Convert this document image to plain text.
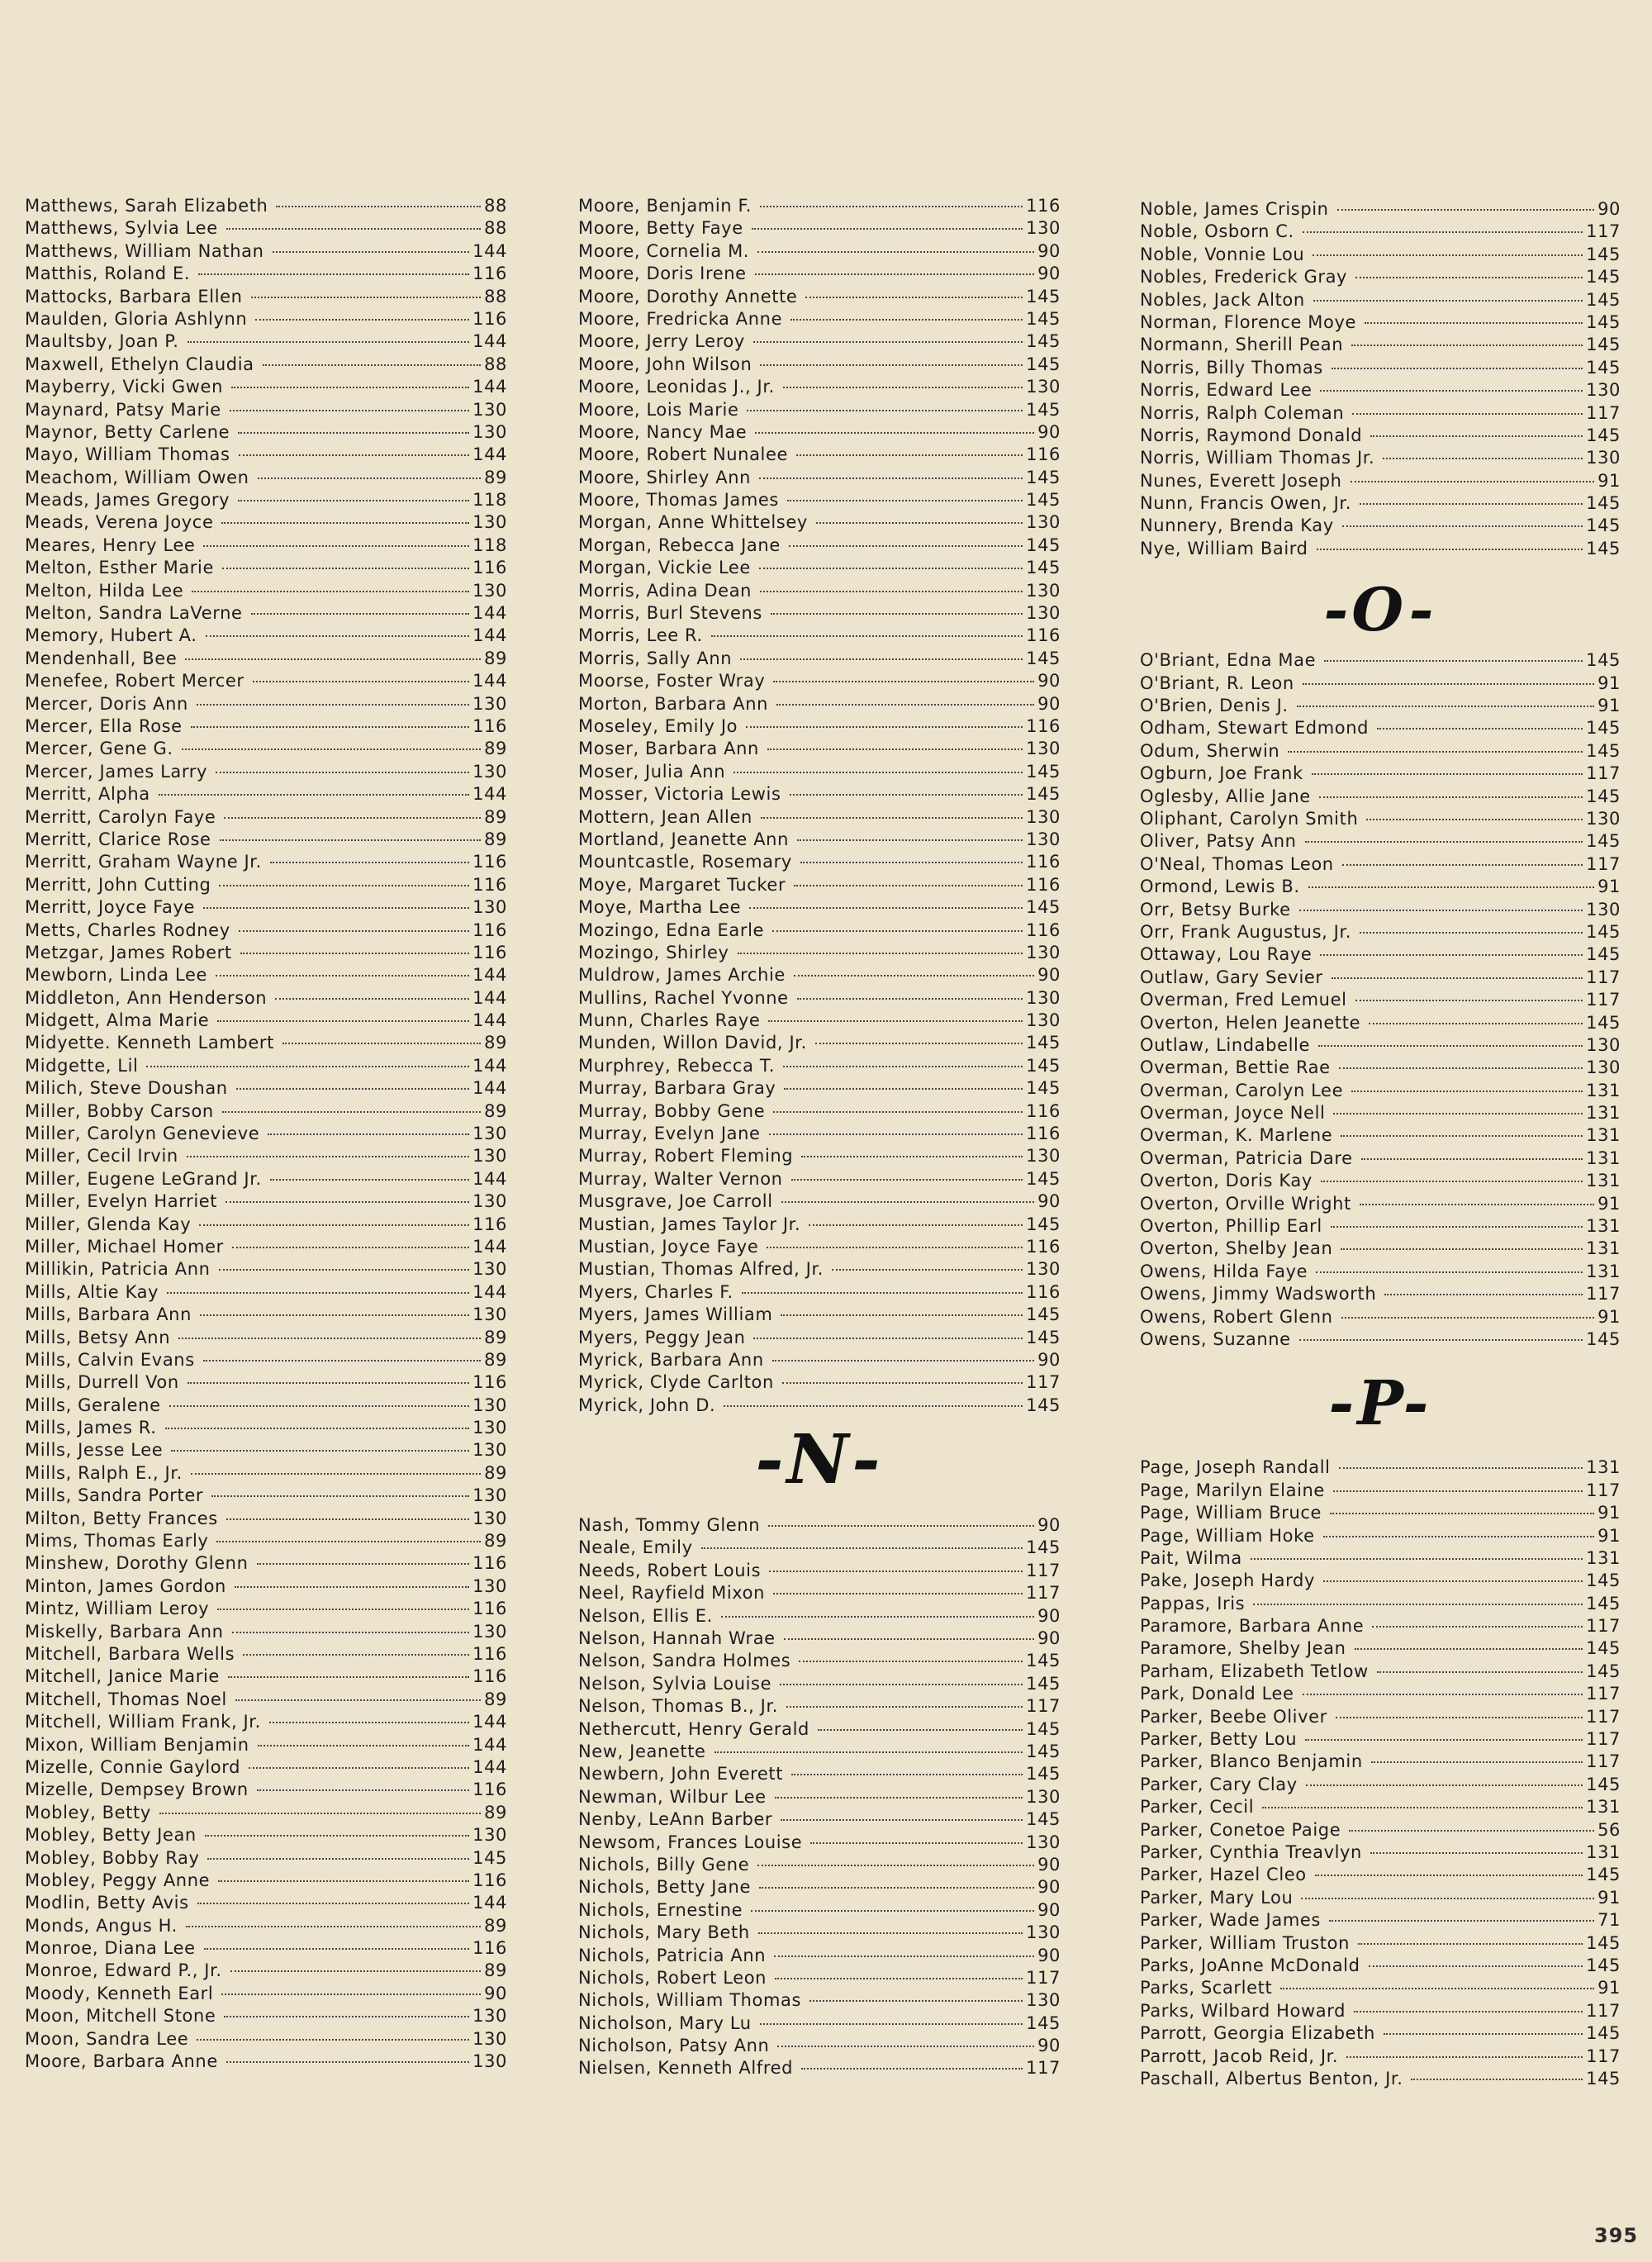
Matthews, Sarah Elizabeth	88
Matthews, Sylvia Lee	88
Matthews, William Nathan	144
Matthis, Roland E.	116
Mattocks, Barbara Ellen	88
Maulden, Gloria Ashlynn	116
Maultsby, Joan P.	144
Maxwell, Ethelyn Claudia	88
Mayberry, Vicki Gwen	144
Maynard, Patsy Marie	130
Maynor, Betty Carlene	130
Mayo, William Thomas	144
Meachom, William Owen	89
Meads, James Gregory	118
Meads, Verena Joyce	130
Meares, Henry Lee	118
Melton, Esther Marie	116
Melton, Hilda Lee	130
Melton, Sandra LaVerne	144
Memory, Hubert A.	144
Mendenhall, Bee	89
Menefee, Robert Mercer	144
Mercer, Doris Ann	130
Mercer, Ella Rose	116
Mercer, Gene G.	89
Mercer, James Larry	130
Merritt, Alpha	144
Merritt, Carolyn Faye	89
Merritt, Clarice Rose	89
Merritt, Graham Wayne Jr.	116
Merritt, John Cutting	116
Merritt, Joyce Faye	130
Metts, Charles Rodney	116
Metzgar, James Robert	116
Mewborn, Linda Lee	144
Middleton, Ann Henderson	144
Midgett, Alma Marie	144
Midyette. Kenneth Lambert	89
Midgette, Lil	144
Milich, Steve Doushan	144
Miller, Bobby Carson	89
Miller, Carolyn Genevieve	130
Miller, Cecil Irvin	130
Miller, Eugene LeGrand Jr.	144
Miller, Evelyn Harriet	130
Miller, Glenda Kay	116
Miller, Michael Homer	144
Millikin, Patricia Ann	130
Mills, Altie Kay	144
Mills, Barbara Ann	130
Mills, Betsy Ann	89
Mills, Calvin Evans	89
Mills, Durrell Von	116
Mills, Geralene	130
Mills, James R.	130
Mills, Jesse Lee	130
Mills, Ralph E., Jr.	89
Mills, Sandra Porter	130
Milton, Betty Frances	130
Mims, Thomas Early	89
Minshew, Dorothy Glenn	116
Minton, James Gordon	130
Mintz, William Leroy	116
Miskelly, Barbara Ann	130
Mitchell, Barbara Wells	116
Mitchell, Janice Marie	116
Mitchell, Thomas Noel	89
Mitchell, William Frank, Jr.	144
Mixon, William Benjamin	144
Mizelle, Connie Gaylord	144
Mizelle, Dempsey Brown	116
Mobley, Betty	89
Mobley, Betty Jean	130
Mobley, Bobby Ray	145
Mobley, Peggy Anne	116
Modlin, Betty Avis	144
Monds, Angus H.	89
Monroe, Diana Lee	116
Monroe, Edward P., Jr.	89
Moody, Kenneth Earl	90
Moon, Mitchell Stone	130
Moon, Sandra Lee	130
Moore, Barbara Anne	130
Moore, Benjamin F.	116
Moore, Betty Faye	130
Moore, Cornelia M.	90
Moore, Doris Irene	90
Moore, Dorothy Annette	145
Moore, Fredricka Anne	145
Moore, Jerry Leroy	145
Moore, John Wilson	145
Moore, Leonidas J., Jr.	130
Moore, Lois Marie	145
Moore, Nancy Mae	90
Moore, Robert Nunalee	116
Moore, Shirley Ann	145
Moore, Thomas James	145
Morgan, Anne Whittelsey	130
Morgan, Rebecca Jane	145
Morgan, Vickie Lee	145
Morris, Adina Dean	130
Morris, Burl Stevens	130
Morris, Lee R.	116
Morris, Sally Ann	145
Moorse, Foster Wray	90
Morton, Barbara Ann	90
Moseley, Emily Jo	116
Moser, Barbara Ann	130
Moser, Julia Ann	145
Mosser, Victoria Lewis	145
Mottern, Jean Allen	130
Mortland, Jeanette Ann	130
Mountcastle, Rosemary	116
Moye, Margaret Tucker	116
Moye, Martha Lee	145
Mozingo, Edna Earle	116
Mozingo, Shirley	130
Muldrow, James Archie	90
Mullins, Rachel Yvonne	130
Munn, Charles Raye	130
Munden, Willon David, Jr.	145
Murphrey, Rebecca T.	145
Murray, Barbara Gray	145
Murray, Bobby Gene	116
Murray, Evelyn Jane	116
Murray, Robert Fleming	130
Murray, Walter Vernon	145
Musgrave, Joe Carroll	90
Mustian, James Taylor Jr.	145
Mustian, Joyce Faye	116
Mustian, Thomas Alfred, Jr.	130
Myers, Charles F.	116
Myers, James William	145
Myers, Peggy Jean	145
Myrick, Barbara Ann	90
Myrick, Clyde Carlton	117
Myrick, John D.	145
-N-
Nash, Tommy Glenn	90
Neale, Emily	145
Needs, Robert Louis	117
Neel, Rayfield Mixon	117
Nelson, Ellis E.	90
Nelson, Hannah Wrae	90
Nelson, Sandra Holmes	145
Nelson, Sylvia Louise	145
Nelson, Thomas B., Jr.	117
Nethercutt, Henry Gerald	145
New, Jeanette	145
Newbern, John Everett	145
Newman, Wilbur Lee	130
Nenby, LeAnn Barber	145
Newsom, Frances Louise	130
Nichols, Billy Gene	90
Nichols, Betty Jane	90
Nichols, Ernestine	90
Nichols, Mary Beth	130
Nichols, Patricia Ann	90
Nichols, Robert Leon	117
Nichols, William Thomas	130
Nicholson, Mary Lu	145
Nicholson, Patsy Ann	90
Nielsen, Kenneth Alfred	117
Noble, James Crispin	90
Noble, Osborn C.	117
Noble, Vonnie Lou	145
Nobles, Frederick Gray	145
Nobles, Jack Alton	145
Norman, Florence Moye	145
Normann, Sherill Pean	145
Norris, Billy Thomas	145
Norris, Edward Lee	130
Norris, Ralph Coleman	117
Norris, Raymond Donald	145
Norris, William Thomas Jr.	130
Nunes, Everett Joseph	91
Nunn, Francis Owen, Jr.	145
Nunnery, Brenda Kay	145
Nye, William Baird	145
-O-
O'Briant, Edna Mae	145
O'Briant, R. Leon	91
O'Brien, Denis J.	91
Odham, Stewart Edmond	145
Odum, Sherwin	145
Ogburn, Joe Frank	117
Oglesby, Allie Jane	145
Oliphant, Carolyn Smith	130
Oliver, Patsy Ann	145
O'Neal, Thomas Leon	117
Ormond, Lewis B.	91
Orr, Betsy Burke	130
Orr, Frank Augustus, Jr.	145
Ottaway, Lou Raye	145
Outlaw, Gary Sevier	117
Overman, Fred Lemuel	117
Overton, Helen Jeanette	145
Outlaw, Lindabelle	130
Overman, Bettie Rae	130
Overman, Carolyn Lee	131
Overman, Joyce Nell	131
Overman, K. Marlene	131
Overman, Patricia Dare	131
Overton, Doris Kay	131
Overton, Orville Wright	91
Overton, Phillip Earl	131
Overton, Shelby Jean	131
Owens, Hilda Faye	131
Owens, Jimmy Wadsworth	117
Owens, Robert Glenn	91
Owens, Suzanne	145
-P-
Page, Joseph Randall	131
Page, Marilyn Elaine	117
Page, William Bruce	91
Page, William Hoke	91
Pait, Wilma	131
Pake, Joseph Hardy	145
Pappas, Iris	145
Paramore, Barbara Anne	117
Paramore, Shelby Jean	145
Parham, Elizabeth Tetlow	145
Park, Donald Lee	117
Parker, Beebe Oliver	117
Parker, Betty Lou	117
Parker, Blanco Benjamin	117
Parker, Cary Clay	145
Parker, Cecil	131
Parker, Conetoe Paige	56
Parker, Cynthia Treavlyn	131
Parker, Hazel Cleo	145
Parker, Mary Lou	91
Parker, Wade James	71
Parker, William Truston	145
Parks, JoAnne McDonald	145
Parks, Scarlett	91
Parks, Wilbard Howard	117
Parrott, Georgia Elizabeth	145
Parrott, Jacob Reid, Jr.	117
Paschall, Albertus Benton, Jr.	145
395
